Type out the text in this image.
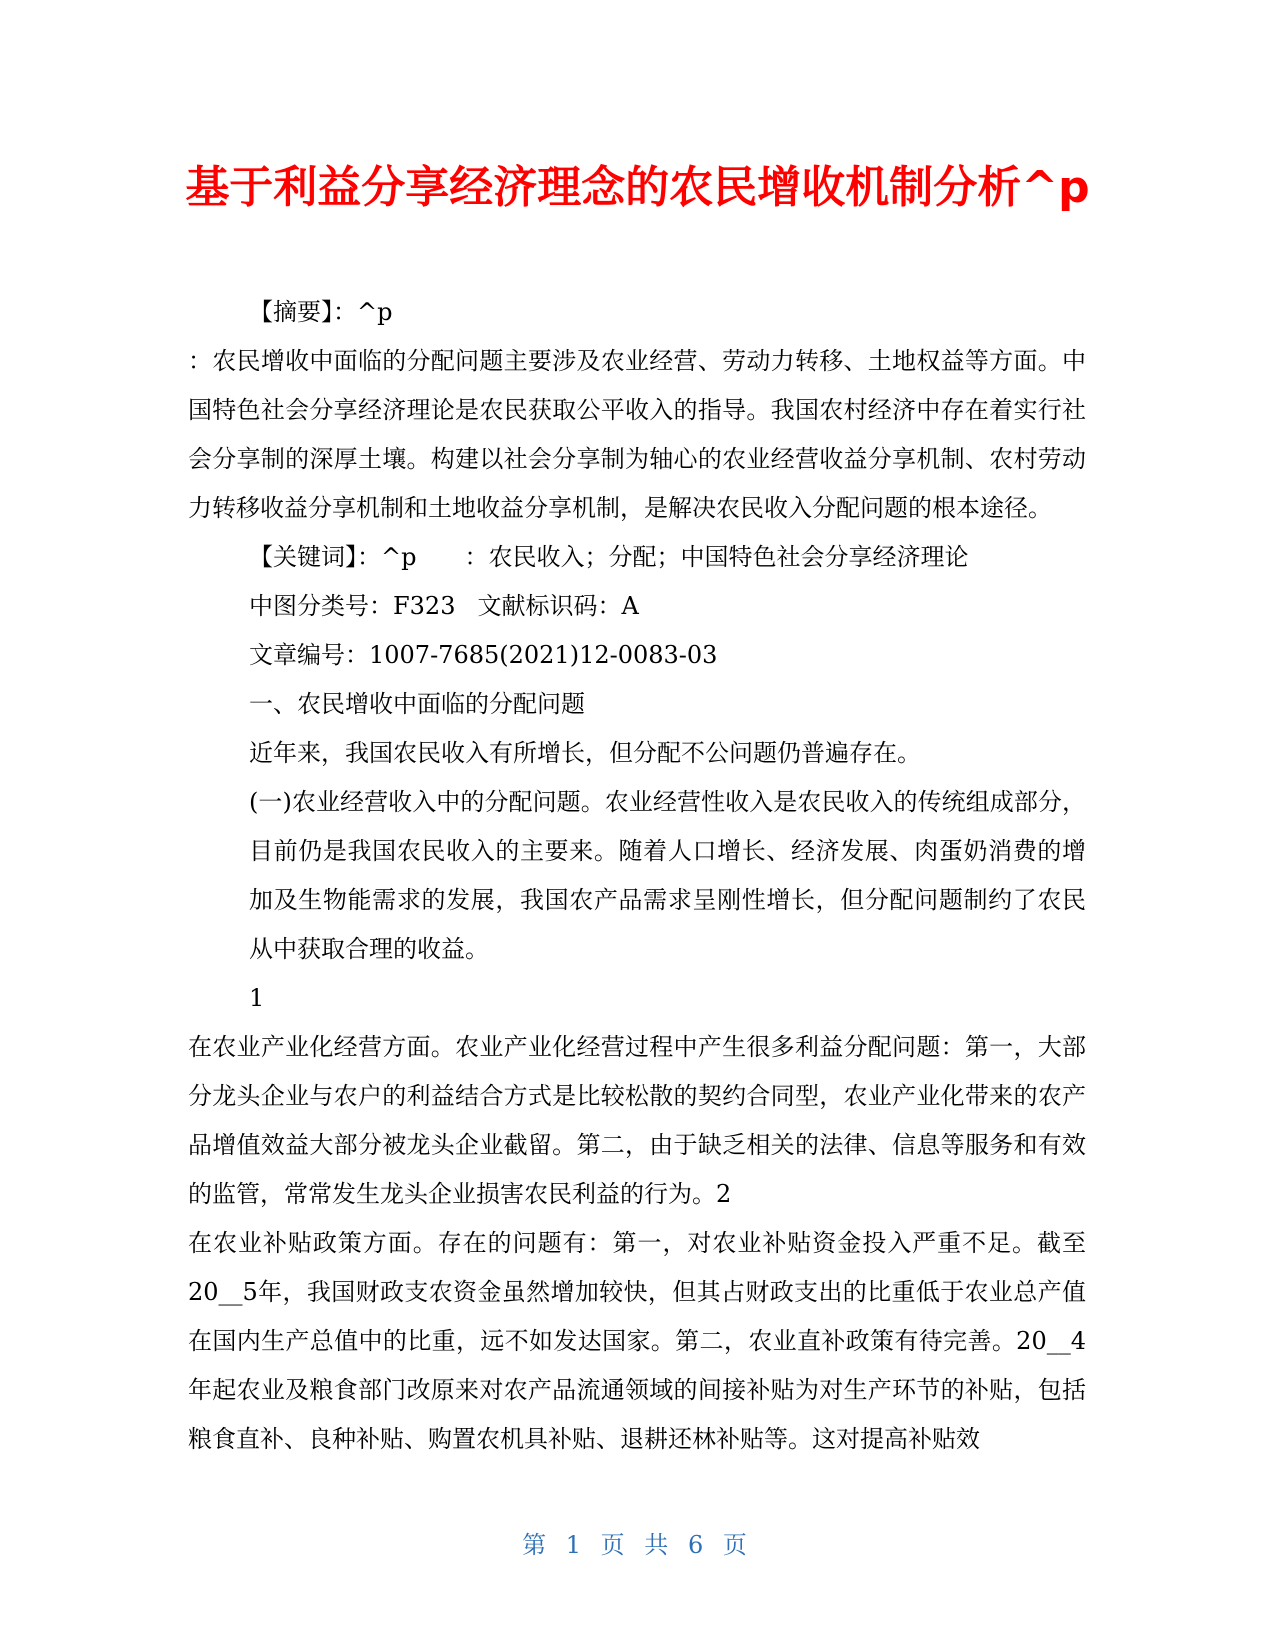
基于利益分享经济理念的农民增收机制分析^p

【摘要】：^p

：农民增收中面临的分配问题主要涉及农业经营、劳动力转移、土地权益等方面。中国特色社会分享经济理论是农民获取公平收入的指导。我国农村经济中存在着实行社会分享制的深厚土壤。构建以社会分享制为轴心的农业经营收益分享机制、农村劳动力转移收益分享机制和土地收益分享机制，是解决农民收入分配问题的根本途径。

【关键词】：^p ：农民收入；分配；中国特色社会分享经济理论

中图分类号：F323 文献标识码：A

文章编号：1007-7685(2021)12-0083-03

一、农民增收中面临的分配问题

近年来，我国农民收入有所增长，但分配不公问题仍普遍存在。

(一)农业经营收入中的分配问题。农业经营性收入是农民收入的传统组成部分，目前仍是我国农民收入的主要来。随着人口增长、经济发展、肉蛋奶消费的增加及生物能需求的发展，我国农产品需求呈刚性增长，但分配问题制约了农民从中获取合理的收益。

1

在农业产业化经营方面。农业产业化经营过程中产生很多利益分配问题：第一，大部分龙头企业与农户的利益结合方式是比较松散的契约合同型，农业产业化带来的农产品增值效益大部分被龙头企业截留。第二，由于缺乏相关的法律、信息等服务和有效的监管，常常发生龙头企业损害农民利益的行为。2

在农业补贴政策方面。存在的问题有：第一，对农业补贴资金投入严重不足。截至20__5年，我国财政支农资金虽然增加较快，但其占财政支出的比重低于农业总产值在国内生产总值中的比重，远不如发达国家。第二，农业直补政策有待完善。20__4年起农业及粮食部门改原来对农产品流通领域的间接补贴为对生产环节的补贴，包括粮食直补、良种补贴、购置农机具补贴、退耕还林补贴等。这对提高补贴效

第 1 页 共 6 页
